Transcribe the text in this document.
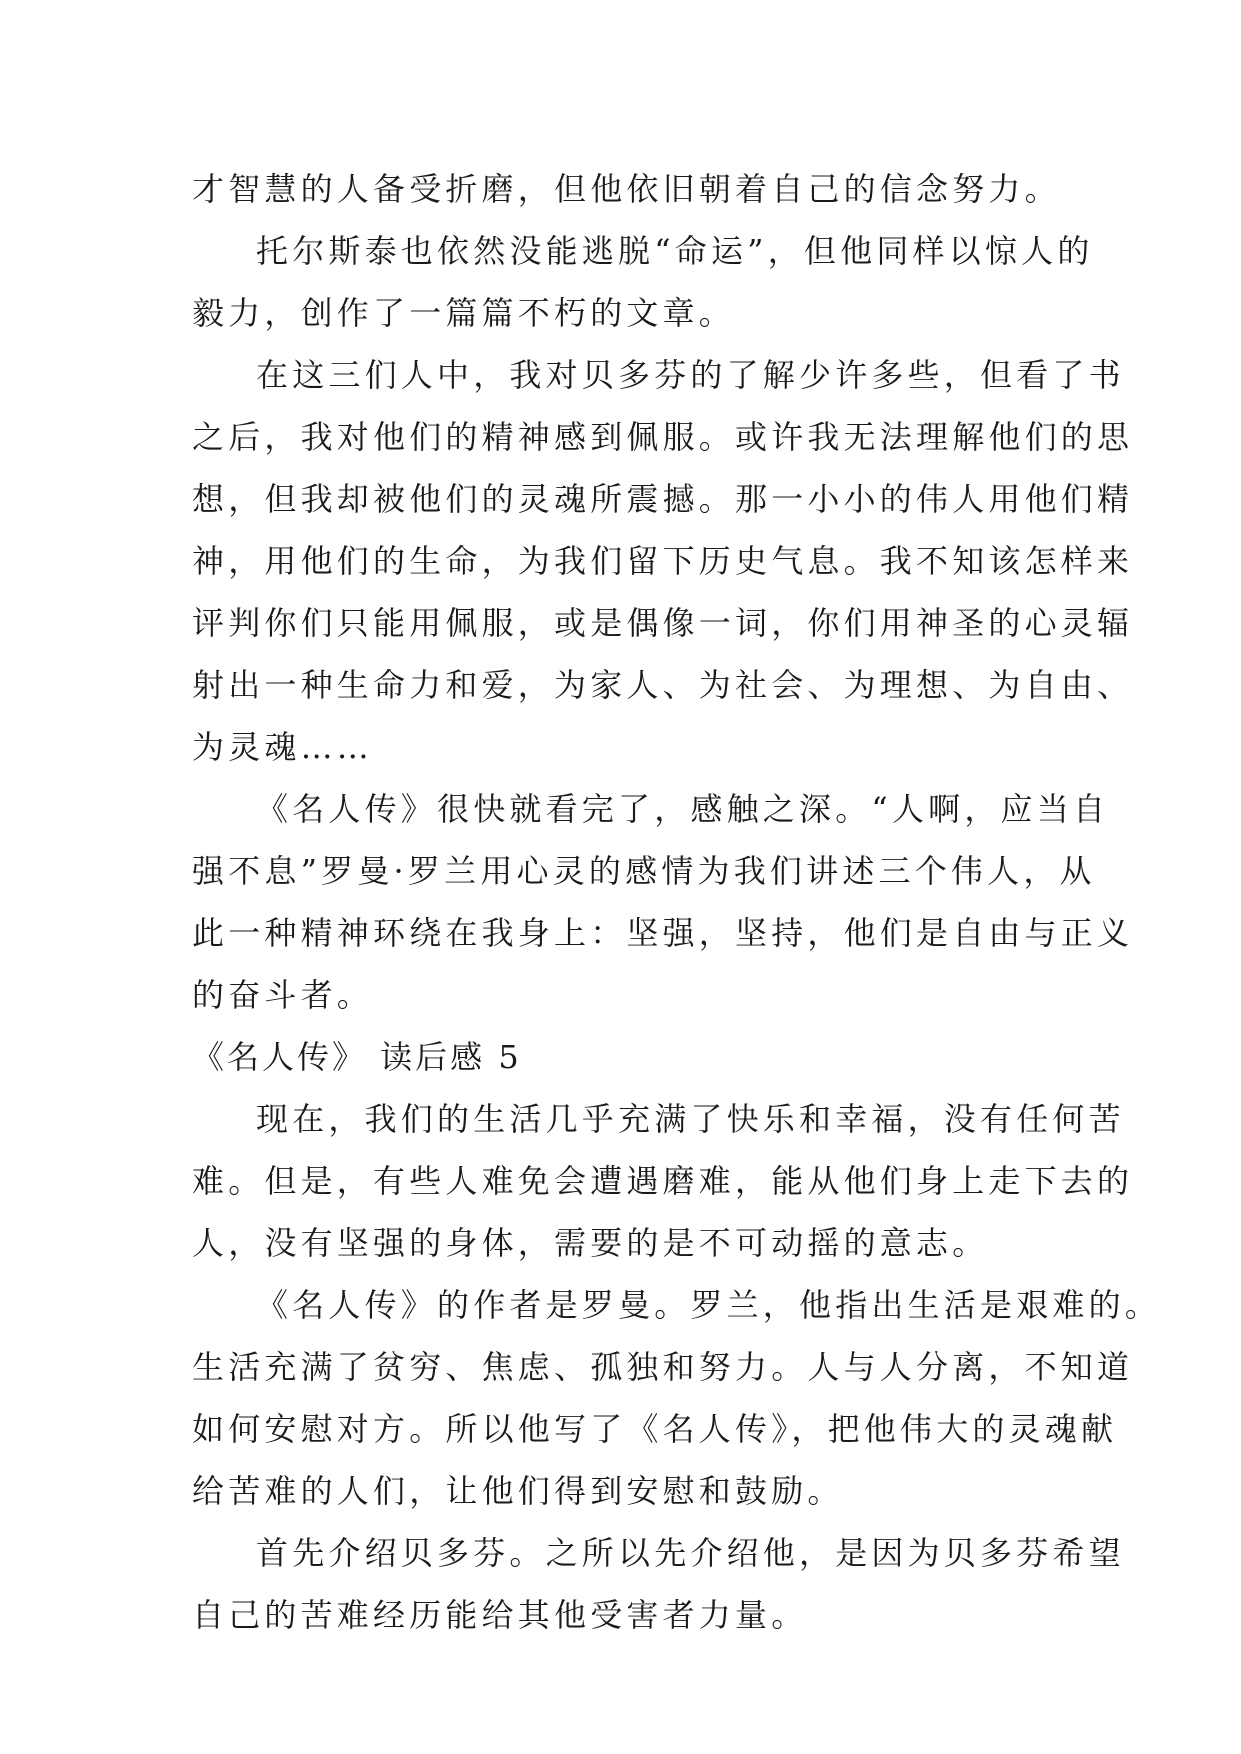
才智慧的人备受折磨，但他依旧朝着自己的信念努力。

托尔斯泰也依然没能逃脱“命运”，但他同样以惊人的

毅力，创作了一篇篇不朽的文章。

在这三们人中，我对贝多芬的了解少许多些，但看了书

之后，我对他们的精神感到佩服。或许我无法理解他们的思

想，但我却被他们的灵魂所震撼。那一小小的伟人用他们精

神，用他们的生命，为我们留下历史气息。我不知该怎样来

评判你们只能用佩服，或是偶像一词，你们用神圣的心灵辐

射出一种生命力和爱，为家人、为社会、为理想、为自由、

为灵魂……

《名人传》很快就看完了，感触之深。“人啊，应当自

强不息”罗曼·罗兰用心灵的感情为我们讲述三个伟人，从

此一种精神环绕在我身上：坚强，坚持，他们是自由与正义

的奋斗者。

《名人传》 读后感 5

现在，我们的生活几乎充满了快乐和幸福，没有任何苦

难。但是，有些人难免会遭遇磨难，能从他们身上走下去的

人，没有坚强的身体，需要的是不可动摇的意志。

《名人传》的作者是罗曼。罗兰，他指出生活是艰难的。

生活充满了贫穷、焦虑、孤独和努力。人与人分离，不知道

如何安慰对方。所以他写了《名人传》，把他伟大的灵魂献

给苦难的人们，让他们得到安慰和鼓励。

首先介绍贝多芬。之所以先介绍他，是因为贝多芬希望

自己的苦难经历能给其他受害者力量。
